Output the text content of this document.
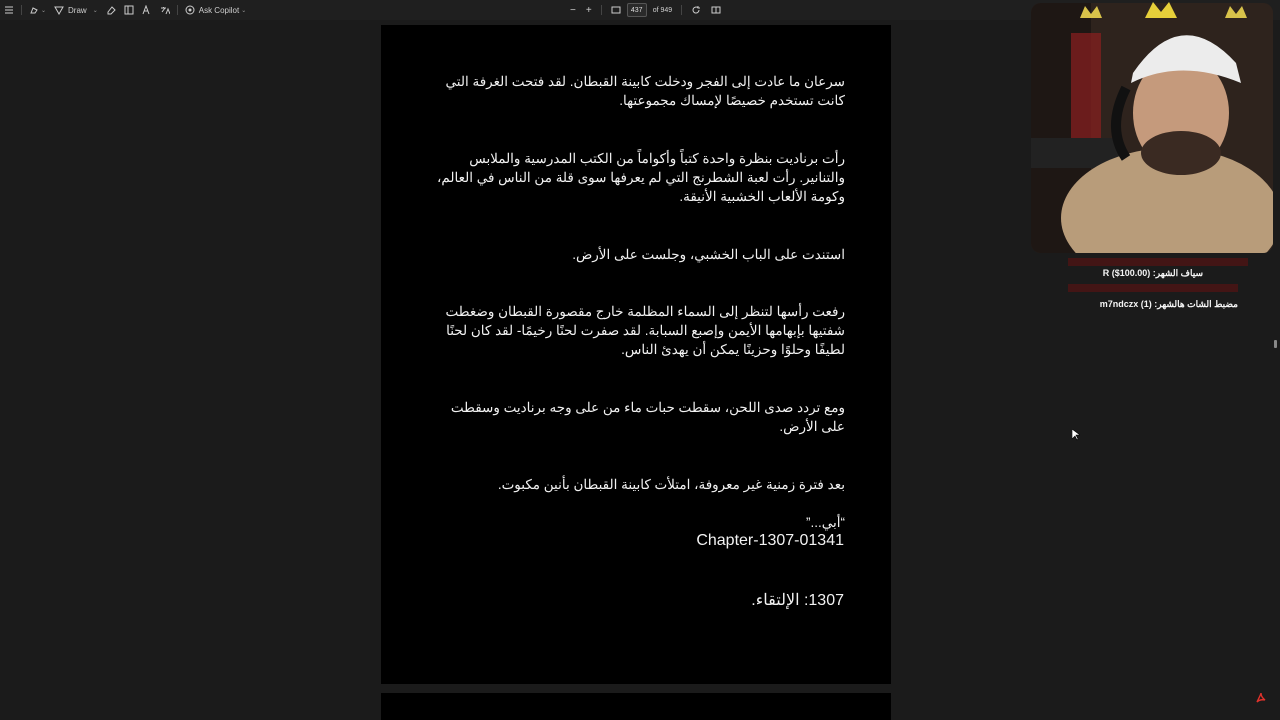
⌄	Draw ⌄	Ask Copilot ⌄	− +	437	of 949

سرعان ما عادت إلى الفجر ودخلت كابينة القبطان. لقد فتحت الغرفة التي كانت تستخدم خصيصًا لإمساك مجموعتها.

رأت برناديت بنظرة واحدة كتباً وأكواماً من الكتب المدرسية والملابس والتنانير. رأت لعبة الشطرنج التي لم يعرفها سوى قلة من الناس في العالم، وكومة الألعاب الخشبية الأنيقة.

استندت على الباب الخشبي، وجلست على الأرض.

رفعت رأسها لتنظر إلى السماء المظلمة خارج مقصورة القبطان وضغطت شفتيها بإبهامها الأيمن وإصبع السبابة. لقد صفرت لحنًا رخيمًا- لقد كان لحنًا لطيفًا وحلوًا وحزينًا يمكن أن يهدئ الناس.

ومع تردد صدى اللحن، سقطت حبات ماء من على وجه برناديت وسقطت على الأرض.

بعد فترة زمنية غير معروفة، امتلأت كابينة القبطان بأنين مكبوت.

“أبي...”

Chapter-1307-01341
1307: الإلتقاء.
سياف الشهر: R ($100.00)
مضبط الشات هالشهر: m7ndczx (1)
